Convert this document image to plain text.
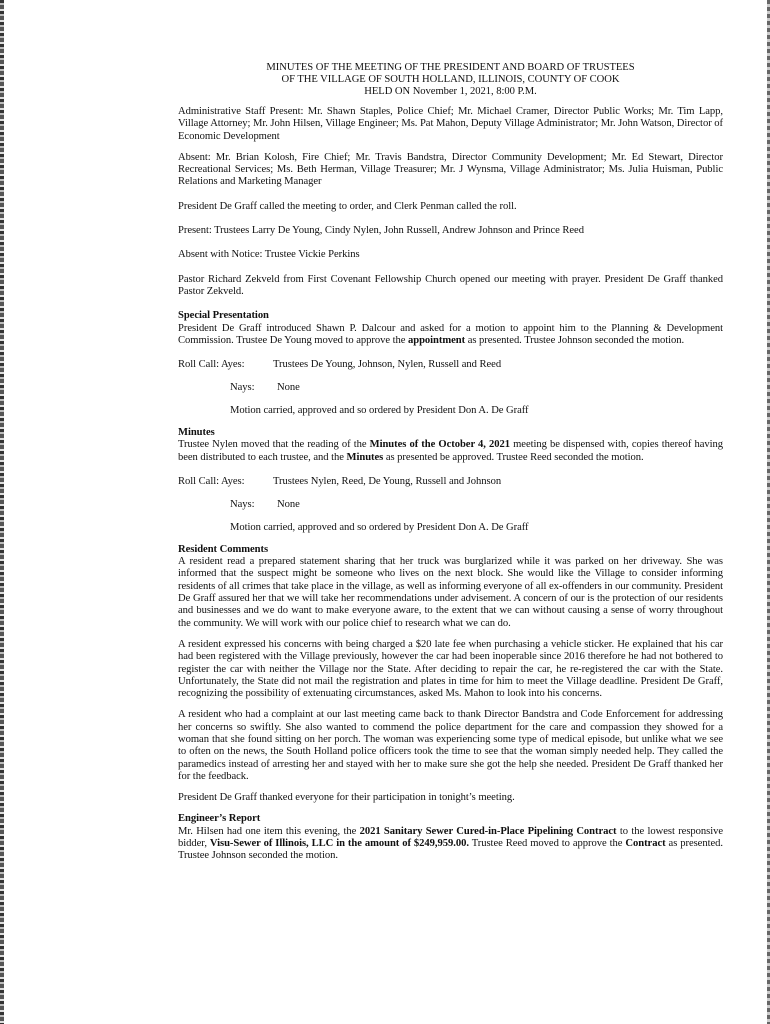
MINUTES OF THE MEETING OF THE PRESIDENT AND BOARD OF TRUSTEES
OF THE VILLAGE OF SOUTH HOLLAND, ILLINOIS, COUNTY OF COOK
HELD ON November 1, 2021, 8:00 P.M.

Administrative Staff Present: Mr. Shawn Staples, Police Chief; Mr. Michael Cramer, Director Public Works; Mr. Tim Lapp, Village Attorney; Mr. John Hilsen, Village Engineer; Ms. Pat Mahon, Deputy Village Administrator; Mr. John Watson, Director of Economic Development

Absent: Mr. Brian Kolosh, Fire Chief; Mr. Travis Bandstra, Director Community Development; Mr. Ed Stewart, Director Recreational Services; Ms. Beth Herman, Village Treasurer; Mr. J Wynsma, Village Administrator; Ms. Julia Huisman, Public Relations and Marketing Manager

President De Graff called the meeting to order, and Clerk Penman called the roll.

Present: Trustees Larry De Young, Cindy Nylen, John Russell, Andrew Johnson and Prince Reed

Absent with Notice: Trustee Vickie Perkins

Pastor Richard Zekveld from First Covenant Fellowship Church opened our meeting with prayer. President De Graff thanked Pastor Zekveld.

Special Presentation

President De Graff introduced Shawn P. Dalcour and asked for a motion to appoint him to the Planning & Development Commission. Trustee De Young moved to approve the appointment as presented. Trustee Johnson seconded the motion.

Roll Call: Ayes:	Trustees De Young, Johnson, Nylen, Russell and Reed
Nays:	None
Motion carried, approved and so ordered by President Don A. De Graff
Minutes

Trustee Nylen moved that the reading of the Minutes of the October 4, 2021 meeting be dispensed with, copies thereof having been distributed to each trustee, and the Minutes as presented be approved. Trustee Reed seconded the motion.

Roll Call: Ayes:	Trustees Nylen, Reed, De Young, Russell and Johnson
Nays:	None
Motion carried, approved and so ordered by President Don A. De Graff
Resident Comments

A resident read a prepared statement sharing that her truck was burglarized while it was parked on her driveway. She was informed that the suspect might be someone who lives on the next block. She would like the Village to consider informing residents of all crimes that take place in the village, as well as informing everyone of all ex-offenders in our community. President De Graff assured her that we will take her recommendations under advisement. A concern of our is the protection of our residents and businesses and we do want to make everyone aware, to the extent that we can without causing a sense of worry throughout the community. We will work with our police chief to research what we can do.

A resident expressed his concerns with being charged a $20 late fee when purchasing a vehicle sticker. He explained that his car had been registered with the Village previously, however the car had been inoperable since 2016 therefore he had not bothered to register the car with neither the Village nor the State. After deciding to repair the car, he re-registered the car with the State. Unfortunately, the State did not mail the registration and plates in time for him to meet the Village deadline. President De Graff, recognizing the possibility of extenuating circumstances, asked Ms. Mahon to look into his concerns.

A resident who had a complaint at our last meeting came back to thank Director Bandstra and Code Enforcement for addressing her concerns so swiftly. She also wanted to commend the police department for the care and compassion they showed for a woman that she found sitting on her porch. The woman was experiencing some type of medical episode, but unlike what we see to often on the news, the South Holland police officers took the time to see that the woman simply needed help. They called the paramedics instead of arresting her and stayed with her to make sure she got the help she needed. President De Graff thanked her for the feedback.

President De Graff thanked everyone for their participation in tonight’s meeting.

Engineer’s Report

Mr. Hilsen had one item this evening, the 2021 Sanitary Sewer Cured-in-Place Pipelining Contract to the lowest responsive bidder, Visu-Sewer of Illinois, LLC in the amount of $249,959.00. Trustee Reed moved to approve the Contract as presented. Trustee Johnson seconded the motion.
